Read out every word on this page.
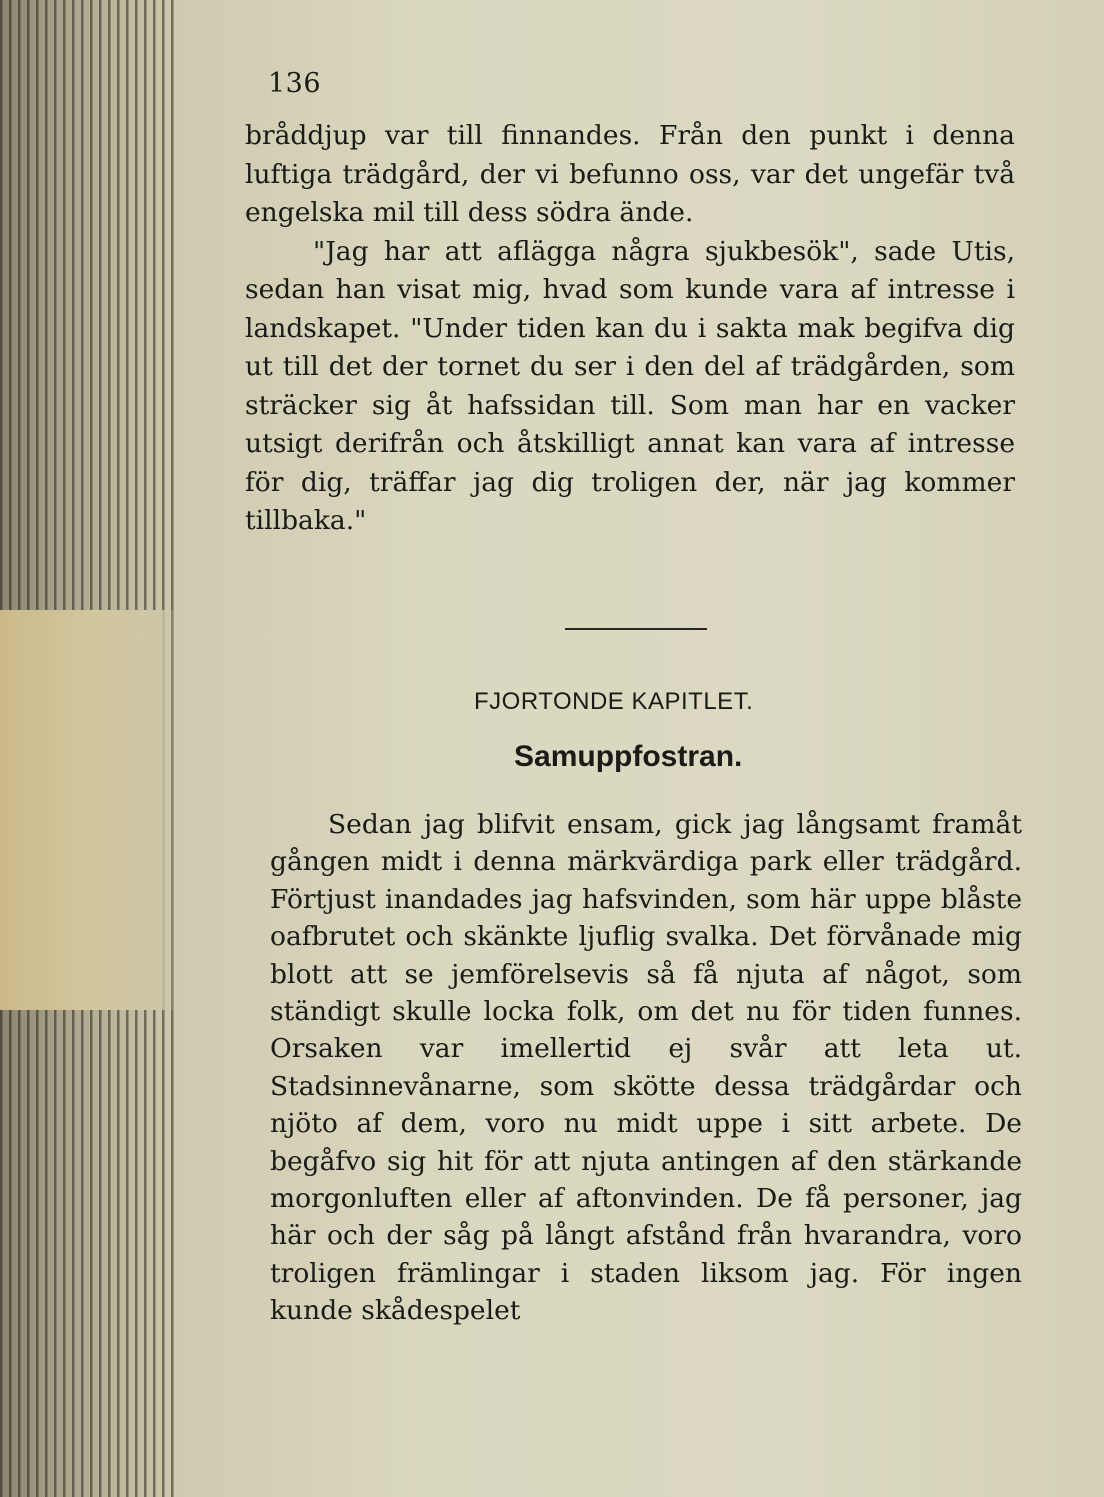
136

bråddjup var till finnandes. Från den punkt i denna luftiga trädgård, der vi befunno oss, var det ungefär två engelska mil till dess södra ände.

"Jag har att aflägga några sjukbesök", sade Utis, sedan han visat mig, hvad som kunde vara af intresse i landskapet. "Under tiden kan du i sakta mak begifva dig ut till det der tornet du ser i den del af trädgården, som sträcker sig åt hafssidan till. Som man har en vacker utsigt derifrån och åtskilligt annat kan vara af intresse för dig, träffar jag dig troligen der, när jag kommer tillbaka."

FJORTONDE KAPITLET.
Samuppfostran.

Sedan jag blifvit ensam, gick jag långsamt framåt gången midt i denna märkvärdiga park eller trädgård. Förtjust inandades jag hafsvinden, som här uppe blåste oafbrutet och skänkte ljuflig svalka. Det förvånade mig blott att se jemförelsevis så få njuta af något, som ständigt skulle locka folk, om det nu för tiden funnes. Orsaken var imellertid ej svår att leta ut. Stadsinnevånarne, som skötte dessa trädgårdar och njöto af dem, voro nu midt uppe i sitt arbete. De begåfvo sig hit för att njuta antingen af den stärkande morgonluften eller af aftonvinden. De få personer, jag här och der såg på långt afstånd från hvarandra, voro troligen främlingar i staden liksom jag. För ingen kunde skådespelet
